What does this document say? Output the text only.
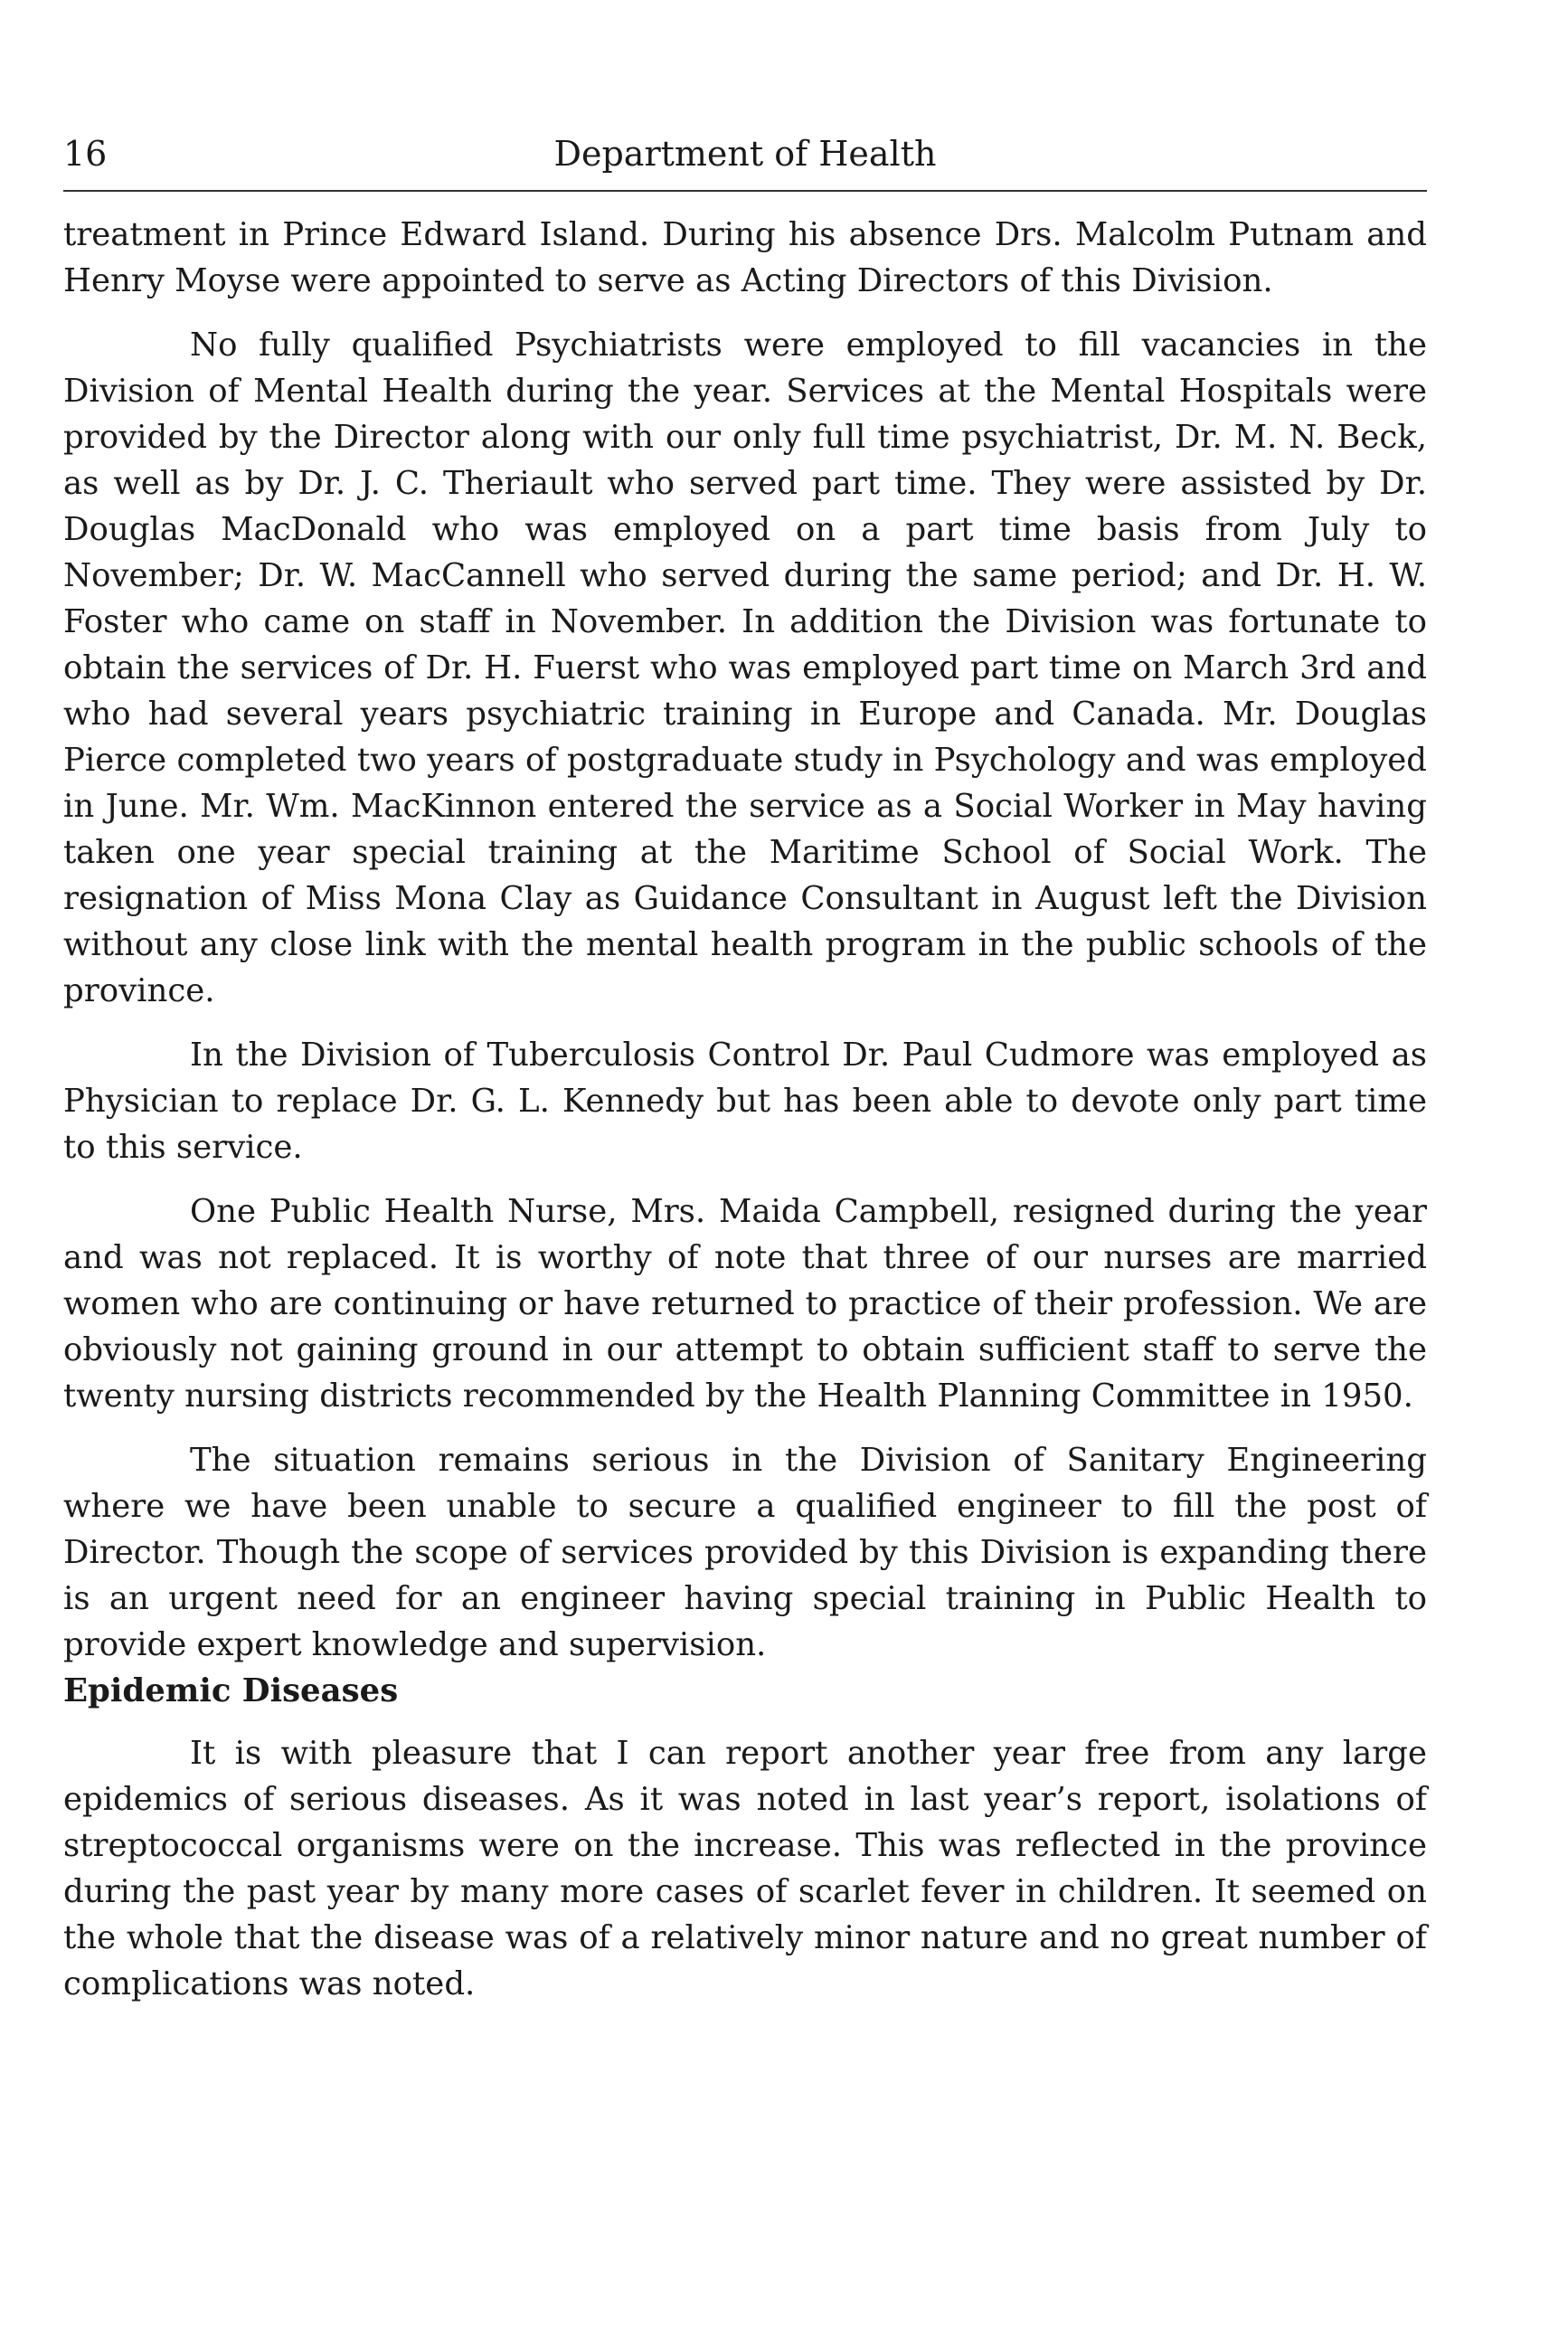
16	Department of Health

treatment in Prince Edward Island. During his absence Drs. Malcolm Putnam and Henry Moyse were appointed to serve as Acting Directors of this Division.

No fully qualified Psychiatrists were employed to fill vacancies in the Division of Mental Health during the year. Services at the Mental Hospitals were provided by the Director along with our only full time psychiatrist, Dr. M. N. Beck, as well as by Dr. J. C. Theriault who served part time. They were assisted by Dr. Douglas MacDonald who was employed on a part time basis from July to November; Dr. W. MacCannell who served during the same period; and Dr. H. W. Foster who came on staff in November. In addition the Division was fortunate to obtain the services of Dr. H. Fuerst who was employed part time on March 3rd and who had several years psychiatric training in Europe and Canada. Mr. Douglas Pierce completed two years of postgraduate study in Psychology and was employed in June. Mr. Wm. MacKinnon entered the service as a Social Worker in May having taken one year special training at the Maritime School of Social Work. The resignation of Miss Mona Clay as Guidance Consultant in August left the Division without any close link with the mental health program in the public schools of the province.

In the Division of Tuberculosis Control Dr. Paul Cudmore was employed as Physician to replace Dr. G. L. Kennedy but has been able to devote only part time to this service.

One Public Health Nurse, Mrs. Maida Campbell, resigned during the year and was not replaced. It is worthy of note that three of our nurses are married women who are continuing or have returned to practice of their profession. We are obviously not gaining ground in our attempt to obtain sufficient staff to serve the twenty nursing districts recommended by the Health Planning Committee in 1950.

The situation remains serious in the Division of Sanitary Engineering where we have been unable to secure a qualified engineer to fill the post of Director. Though the scope of services provided by this Division is expanding there is an urgent need for an engineer having special training in Public Health to provide expert knowledge and supervision.

Epidemic Diseases

It is with pleasure that I can report another year free from any large epidemics of serious diseases. As it was noted in last year’s report, isolations of streptococcal organisms were on the increase. This was reflected in the province during the past year by many more cases of scarlet fever in children. It seemed on the whole that the disease was of a relatively minor nature and no great number of complications was noted.
